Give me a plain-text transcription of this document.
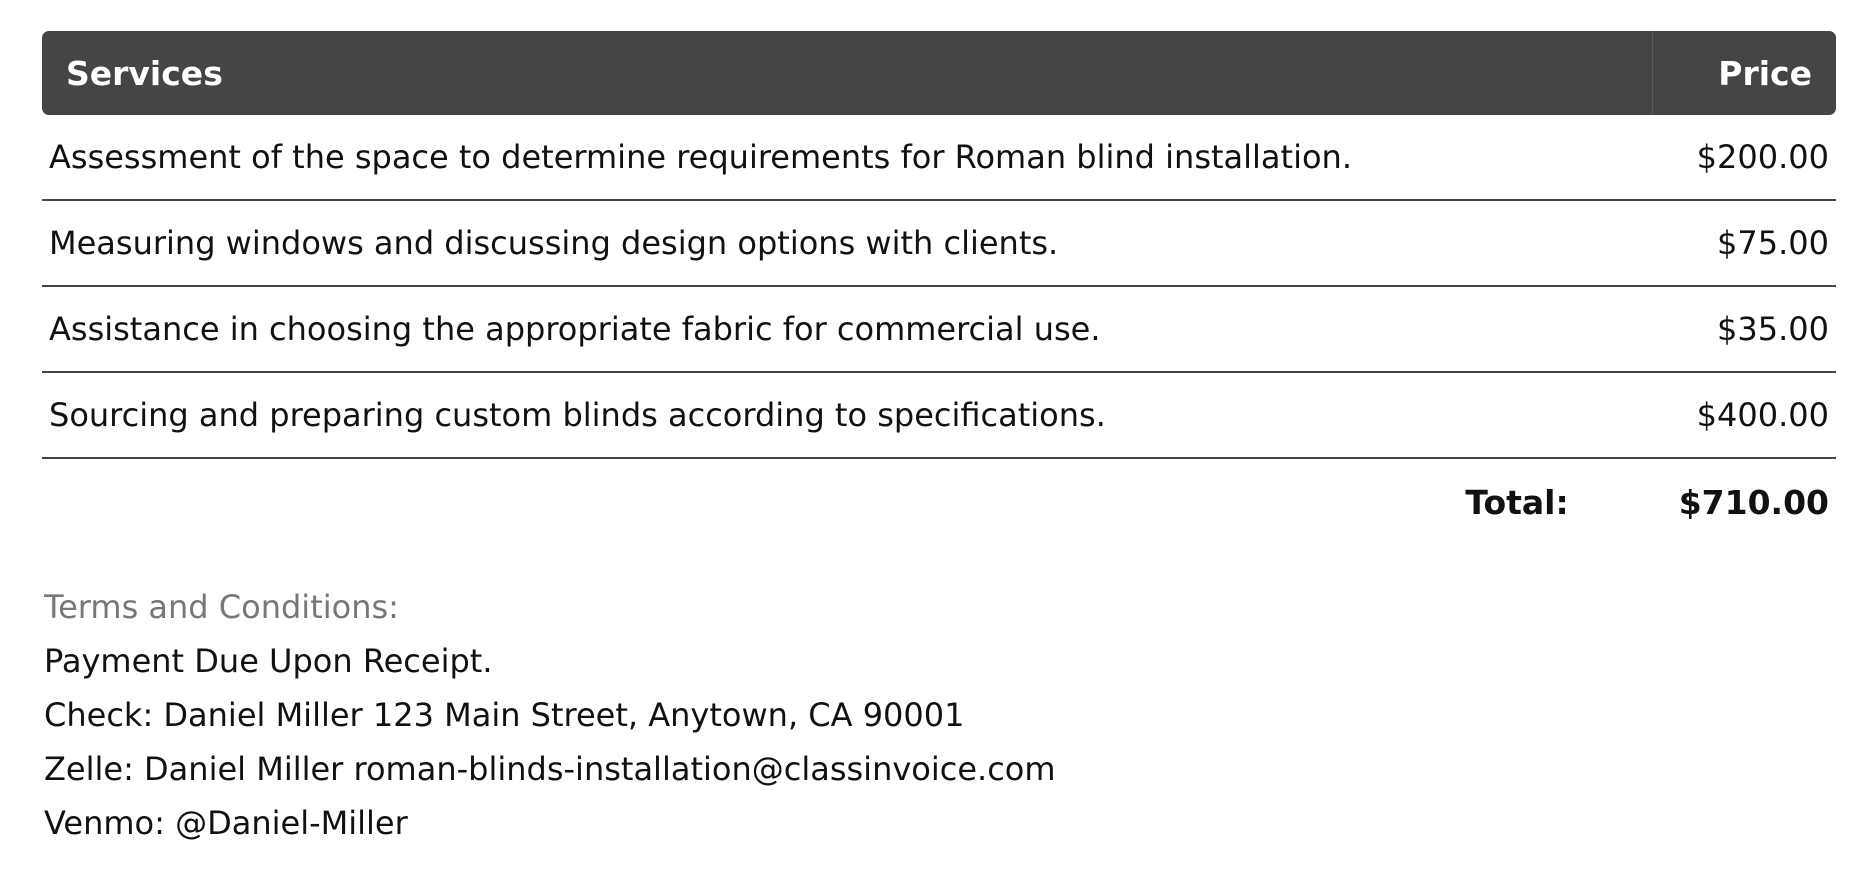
Services	Price
Assessment of the space to determine requirements for Roman blind installation.	$200.00
Measuring windows and discussing design options with clients.	$75.00
Assistance in choosing the appropriate fabric for commercial use.	$35.00
Sourcing and preparing custom blinds according to specifications.	$400.00
Total:	$710.00
Terms and Conditions:
Payment Due Upon Receipt.
Check: Daniel Miller 123 Main Street, Anytown, CA 90001
Zelle: Daniel Miller roman-blinds-installation@classinvoice.com
Venmo: @Daniel-Miller
